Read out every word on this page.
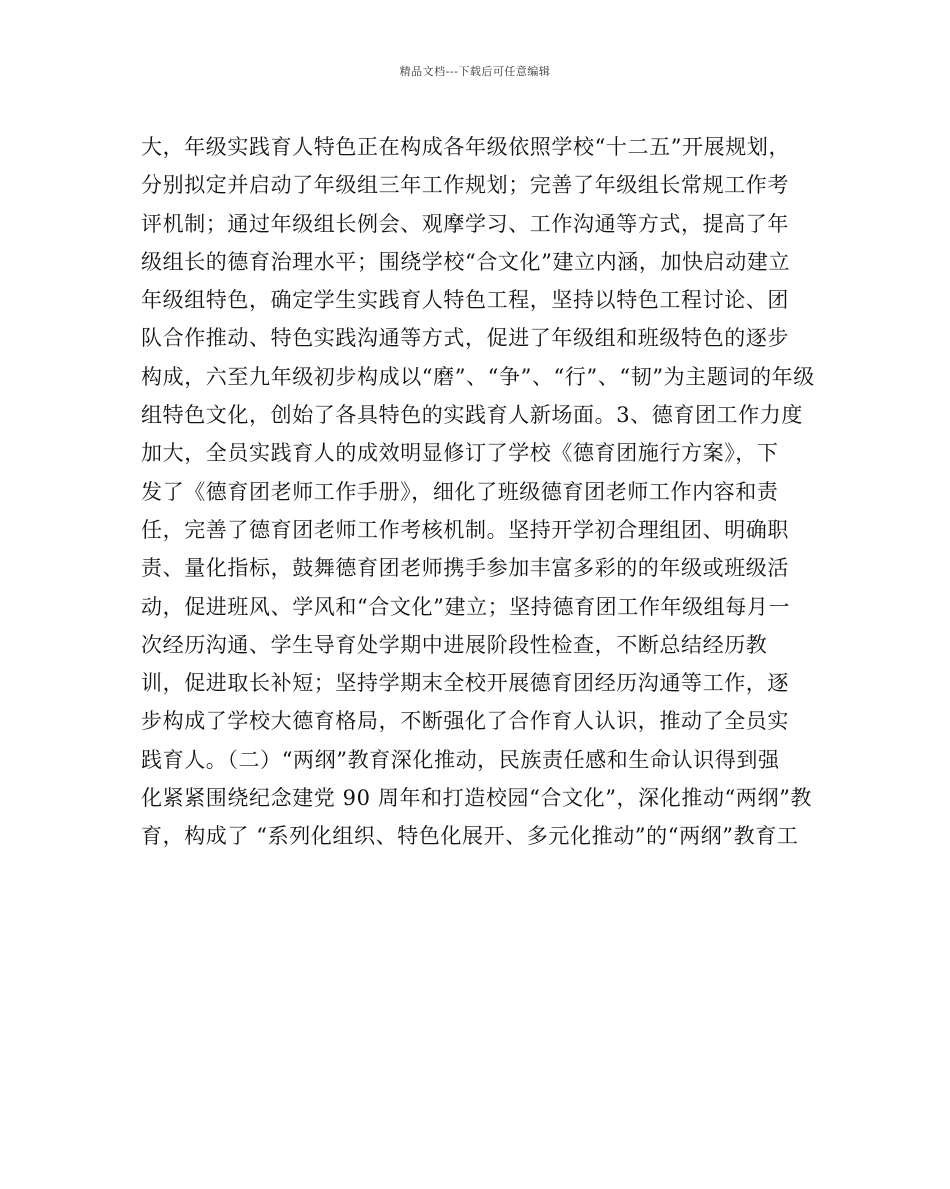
精品文档---下载后可任意编辑
大，年级实践育人特色正在构成各年级依照学校“十二五”开展规划，
分别拟定并启动了年级组三年工作规划；完善了年级组长常规工作考
评机制；通过年级组长例会、观摩学习、工作沟通等方式，提高了年
级组长的德育治理水平；围绕学校“合文化”建立内涵，加快启动建立
年级组特色，确定学生实践育人特色工程，坚持以特色工程讨论、团
队合作推动、特色实践沟通等方式，促进了年级组和班级特色的逐步
构成，六至九年级初步构成以“磨”、“争”、“行”、“韧”为主题词的年级
组特色文化，创始了各具特色的实践育人新场面。3、德育团工作力度
加大，全员实践育人的成效明显修订了学校《德育团施行方案》，下
发了《德育团老师工作手册》，细化了班级德育团老师工作内容和责
任，完善了德育团老师工作考核机制。坚持开学初合理组团、明确职
责、量化指标，鼓舞德育团老师携手参加丰富多彩的的年级或班级活
动，促进班风、学风和“合文化”建立；坚持德育团工作年级组每月一
次经历沟通、学生导育处学期中进展阶段性检查，不断总结经历教
训，促进取长补短；坚持学期末全校开展德育团经历沟通等工作，逐
步构成了学校大德育格局，不断强化了合作育人认识，推动了全员实
践育人。（二）“两纲”教育深化推动，民族责任感和生命认识得到强
化紧紧围绕纪念建党 90 周年和打造校园“合文化”，深化推动“两纲”教
育，构成了 “系列化组织、特色化展开、多元化推动”的“两纲”教育工
